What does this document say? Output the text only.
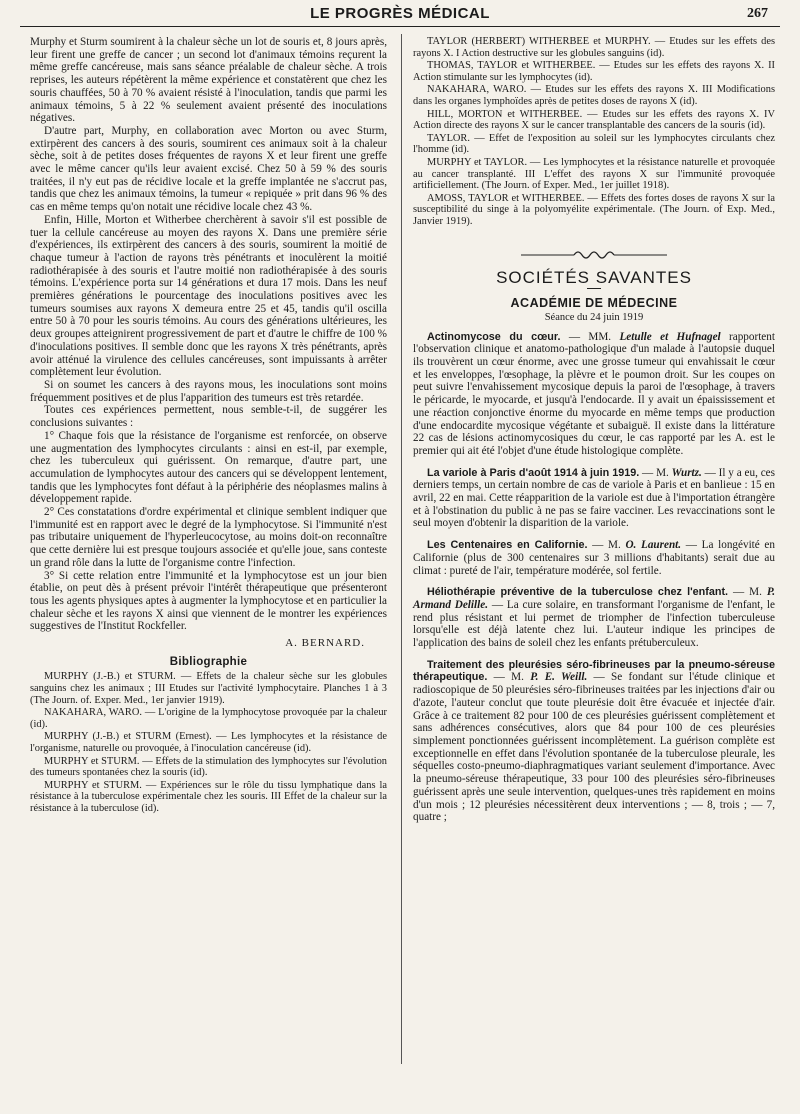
LE PROGRÈS MÉDICAL	267

Murphy et Sturm soumirent à la chaleur sèche un lot de souris et, 8 jours après, leur firent une greffe de cancer ; un second lot d'animaux témoins reçurent la même greffe cancéreuse, mais sans séance préalable de chaleur sèche. A trois reprises, les auteurs répétèrent la même expérience et constatèrent que chez les souris chauffées, 50 à 70 % avaient résisté à l'inoculation, tandis que parmi les animaux témoins, 5 à 22 % seulement avaient présenté des inoculations négatives.

D'autre part, Murphy, en collaboration avec Morton ou avec Sturm, extirpèrent des cancers à des souris, soumirent ces animaux soit à la chaleur sèche, soit à de petites doses fréquentes de rayons X et leur firent une greffe avec le même cancer qu'ils leur avaient excisé. Chez 50 à 59 % des souris traitées, il n'y eut pas de récidive locale et la greffe implantée ne s'accrut pas, tandis que chez les animaux témoins, la tumeur « repiquée » prit dans 96 % des cas en même temps qu'on notait une récidive locale chez 43 %.

Enfin, Hille, Morton et Witherbee cherchèrent à savoir s'il est possible de tuer la cellule cancéreuse au moyen des rayons X. Dans une première série d'expériences, ils extirpèrent des cancers à des souris, soumirent la moitié de chaque tumeur à l'action de rayons très pénétrants et inoculèrent la moitié radiothérapisée à des souris et l'autre moitié non radiothérapisée à des souris témoins. L'expérience porta sur 14 générations et dura 17 mois. Dans les neuf premières générations le pourcentage des inoculations positives avec les tumeurs soumises aux rayons X demeura entre 25 et 45, tandis qu'il oscilla entre 50 à 70 pour les souris témoins. Au cours des générations ultérieures, les deux groupes atteignirent progressivement de part et d'autre le chiffre de 100 % d'inoculations positives. Il semble donc que les rayons X très pénétrants, après avoir atténué la virulence des cellules cancéreuses, sont impuissants à arrêter complètement leur évolution.

Si on soumet les cancers à des rayons mous, les inoculations sont moins fréquemment positives et de plus l'apparition des tumeurs est très retardée.

Toutes ces expériences permettent, nous semble-t-il, de suggérer les conclusions suivantes :

1° Chaque fois que la résistance de l'organisme est renforcée, on observe une augmentation des lymphocytes circulants : ainsi en est-il, par exemple, chez les tuberculeux qui guérissent. On remarque, d'autre part, une accumulation de lymphocytes autour des cancers qui se développent lentement, tandis que les lymphocytes font défaut à la périphérie des néoplasmes malins à développement rapide.

2° Ces constatations d'ordre expérimental et clinique semblent indiquer que l'immunité est en rapport avec le degré de la lymphocytose. Si l'immunité n'est pas tributaire uniquement de l'hyperleucocytose, au moins doit-on reconnaître que cette dernière lui est presque toujours associée et qu'elle joue, sans conteste un grand rôle dans la lutte de l'organisme contre l'infection.

3° Si cette relation entre l'immunité et la lymphocytose est un jour bien établie, on peut dès à présent prévoir l'intérêt thérapeutique que présenteront tous les agents physiques aptes à augmenter la lymphocytose et en particulier la chaleur sèche et les rayons X ainsi que viennent de le montrer les expériences suggestives de l'Institut Rockfeller.

A. BERNARD.

Bibliographie

MURPHY (J.-B.) et STURM. — Effets de la chaleur sèche sur les globules sanguins chez les animaux ; III Etudes sur l'activité lymphocytaire. Planches 1 à 3 (The Journ. of. Exper. Med., 1er janvier 1919).

NAKAHARA, WARO. — L'origine de la lymphocytose provoquée par la chaleur (id).

MURPHY (J.-B.) et STURM (Ernest). — Les lymphocytes et la résistance de l'organisme, naturelle ou provoquée, à l'inoculation cancéreuse (id).

MURPHY et STURM. — Effets de la stimulation des lymphocytes sur l'évolution des tumeurs spontanées chez la souris (id).

MURPHY et STURM. — Expériences sur le rôle du tissu lymphatique dans la résistance à la tuberculose expérimentale chez les souris. III Effet de la chaleur sur la résistance à la tuberculose (id).

TAYLOR (HERBERT) WITHERBEE et MURPHY. — Etudes sur les effets des rayons X. I Action destructive sur les globules sanguins (id).

THOMAS, TAYLOR et WITHERBEE. — Etudes sur les effets des rayons X. II Action stimulante sur les lymphocytes (id).

NAKAHARA, WARO. — Etudes sur les effets des rayons X. III Modifications dans les organes lymphoïdes après de petites doses de rayons X (id).

HILL, MORTON et WITHERBEE. — Etudes sur les effets des rayons X. IV Action directe des rayons X sur le cancer transplantable des cancers de la souris (id).

TAYLOR. — Effet de l'exposition au soleil sur les lymphocytes circulants chez l'homme (id).

MURPHY et TAYLOR. — Les lymphocytes et la résistance naturelle et provoquée au cancer transplanté. III L'effet des rayons X sur l'immunité provoquée artificiellement. (The Journ. of Exper. Med., 1er juillet 1918).

AMOSS, TAYLOR et WITHERBEE. — Effets des fortes doses de rayons X sur la susceptibilité du singe à la polyomyélite expérimentale. (The Journ. of Exp. Med., Janvier 1919).

SOCIÉTÉS SAVANTES
ACADÉMIE DE MÉDECINE
Séance du 24 juin 1919

Actinomycose du cœur. — MM. Letulle et Hufnagel rapportent l'observation clinique et anatomo-pathologique d'un malade à l'autopsie duquel ils trouvèrent un cœur énorme, avec une grosse tumeur qui envahissait le cœur et les enveloppes, l'œsophage, la plèvre et le poumon droit. Sur les coupes on peut suivre l'envahissement mycosique depuis la paroi de l'œsophage, à travers le péricarde, le myocarde, et jusqu'à l'endocarde. Il y avait un épaississement et une réaction conjonctive énorme du myocarde en même temps que production d'une endocardite mycosique végétante et subaiguë. Il existe dans la littérature 22 cas de lésions actinomycosiques du cœur, le cas rapporté par les A. est le premier qui ait été l'objet d'une étude histologique complète.

La variole à Paris d'août 1914 à juin 1919. — M. Wurtz. — Il y a eu, ces derniers temps, un certain nombre de cas de variole à Paris et en banlieue : 15 en avril, 22 en mai. Cette réapparition de la variole est due à l'importation étrangère et à l'obstination du public à ne pas se faire vacciner. Les revaccinations sont le seul moyen d'obtenir la disparition de la variole.

Les Centenaires en Californie. — M. O. Laurent. — La longévité en Californie (plus de 300 centenaires sur 3 millions d'habitants) serait due au climat : pureté de l'air, température modérée, sol fertile.

Héliothérapie préventive de la tuberculose chez l'enfant. — M. P. Armand Delille. — La cure solaire, en transformant l'organisme de l'enfant, le rend plus résistant et lui permet de triompher de l'infection tuberculeuse lorsqu'elle est déjà latente chez lui. L'auteur indique les principes de l'application des bains de soleil chez les enfants prétuberculeux.

Traitement des pleurésies séro-fibrineuses par la pneumo-séreuse thérapeutique. — M. P. E. Weill. — Se fondant sur l'étude clinique et radioscopique de 50 pleurésies séro-fibrineuses traitées par les injections d'air ou d'azote, l'auteur conclut que toute pleurésie doit être évacuée et injectée d'air. Grâce à ce traitement 82 pour 100 de ces pleurésies guérissent complètement et sans adhérences consécutives, alors que 84 pour 100 de ces pleurésies simplement ponctionnées guérissent incomplètement. La guérison complète est exceptionnelle en effet dans l'évolution spontanée de la tuberculose pleurale, les séquelles costo-pneumo-diaphragmatiques variant seulement d'importance. Avec la pneumo-séreuse thérapeutique, 33 pour 100 des pleurésies séro-fibrineuses guérissent après une seule intervention, quelques-unes très rapidement en moins d'un mois ; 12 pleurésies nécessitèrent deux interventions ; — 8, trois ; — 7, quatre ;
